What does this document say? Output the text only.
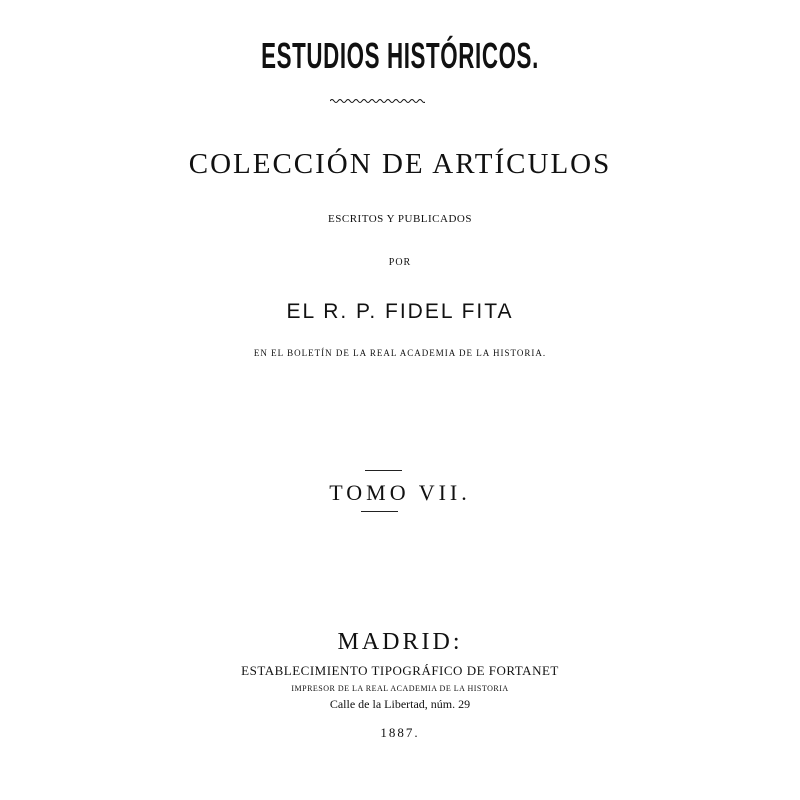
ESTUDIOS HISTÓRICOS.
COLECCIÓN DE ARTÍCULOS
ESCRITOS Y PUBLICADOS
POR
EL R. P. FIDEL FITA
EN EL BOLETÍN DE LA REAL ACADEMIA DE LA HISTORIA.
TOMO VII.
MADRID:
ESTABLECIMIENTO TIPOGRÁFICO DE FORTANET
IMPRESOR DE LA REAL ACADEMIA DE LA HISTORIA
Calle de la Libertad, núm. 29
1887.
